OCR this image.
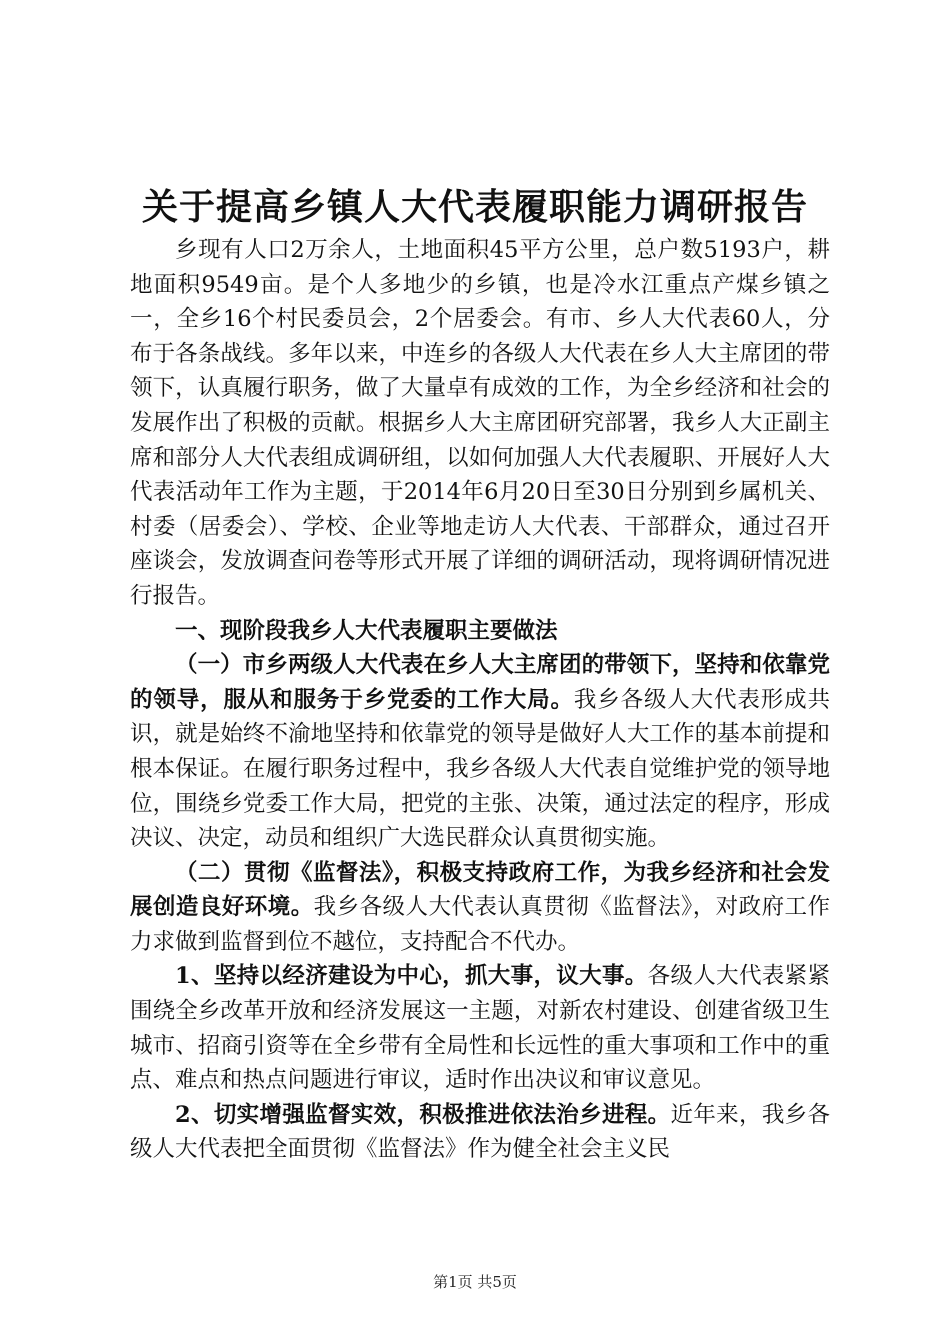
关于提高乡镇人大代表履职能力调研报告

乡现有人口2万余人，土地面积45平方公里，总户数5193户，耕地面积9549亩。是个人多地少的乡镇，也是冷水江重点产煤乡镇之一，全乡16个村民委员会，2个居委会。有市、乡人大代表60人，分布于各条战线。多年以来，中连乡的各级人大代表在乡人大主席团的带领下，认真履行职务，做了大量卓有成效的工作，为全乡经济和社会的发展作出了积极的贡献。根据乡人大主席团研究部署，我乡人大正副主席和部分人大代表组成调研组，以如何加强人大代表履职、开展好人大代表活动年工作为主题，于2014年6月20日至30日分别到乡属机关、村委（居委会）、学校、企业等地走访人大代表、干部群众，通过召开座谈会，发放调查问卷等形式开展了详细的调研活动，现将调研情况进行报告。

一、现阶段我乡人大代表履职主要做法

（一）市乡两级人大代表在乡人大主席团的带领下，坚持和依靠党的领导，服从和服务于乡党委的工作大局。我乡各级人大代表形成共识，就是始终不渝地坚持和依靠党的领导是做好人大工作的基本前提和根本保证。在履行职务过程中，我乡各级人大代表自觉维护党的领导地位，围绕乡党委工作大局，把党的主张、决策，通过法定的程序，形成决议、决定，动员和组织广大选民群众认真贯彻实施。

（二）贯彻《监督法》，积极支持政府工作，为我乡经济和社会发展创造良好环境。我乡各级人大代表认真贯彻《监督法》，对政府工作力求做到监督到位不越位，支持配合不代办。

1、坚持以经济建设为中心，抓大事，议大事。各级人大代表紧紧围绕全乡改革开放和经济发展这一主题，对新农村建设、创建省级卫生城市、招商引资等在全乡带有全局性和长远性的重大事项和工作中的重点、难点和热点问题进行审议，适时作出决议和审议意见。

2、切实增强监督实效，积极推进依法治乡进程。近年来，我乡各级人大代表把全面贯彻《监督法》作为健全社会主义民

第1页 共5页
